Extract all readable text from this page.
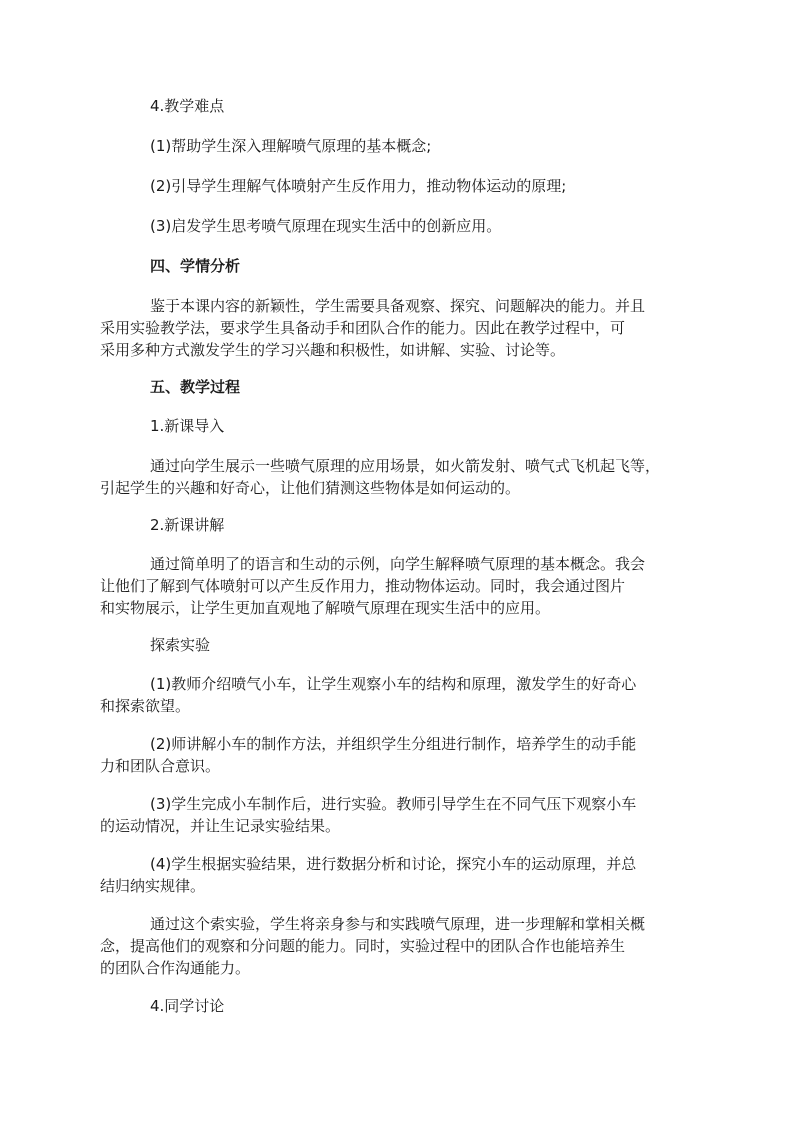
4.教学难点
(1)帮助学生深入理解喷气原理的基本概念;
(2)引导学生理解气体喷射产生反作用力，推动物体运动的原理;
(3)启发学生思考喷气原理在现实生活中的创新应用。
四、学情分析
鉴于本课内容的新颖性，学生需要具备观察、探究、问题解决的能力。并且
采用实验教学法，要求学生具备动手和团队合作的能力。因此在教学过程中，可
采用多种方式激发学生的学习兴趣和积极性，如讲解、实验、讨论等。
五、教学过程
1.新课导入
通过向学生展示一些喷气原理的应用场景，如火箭发射、喷气式飞机起飞等，
引起学生的兴趣和好奇心，让他们猜测这些物体是如何运动的。
2.新课讲解
通过简单明了的语言和生动的示例，向学生解释喷气原理的基本概念。我会
让他们了解到气体喷射可以产生反作用力，推动物体运动。同时，我会通过图片
和实物展示，让学生更加直观地了解喷气原理在现实生活中的应用。
探索实验
(1)教师介绍喷气小车，让学生观察小车的结构和原理，激发学生的好奇心
和探索欲望。
(2)师讲解小车的制作方法，并组织学生分组进行制作，培养学生的动手能
力和团队合意识。
(3)学生完成小车制作后，进行实验。教师引导学生在不同气压下观察小车
的运动情况，并让生记录实验结果。
(4)学生根据实验结果，进行数据分析和讨论，探究小车的运动原理，并总
结归纳实规律。
通过这个索实验，学生将亲身参与和实践喷气原理，进一步理解和掌相关概
念，提高他们的观察和分问题的能力。同时，实验过程中的团队合作也能培养生
的团队合作沟通能力。
4.同学讨论
